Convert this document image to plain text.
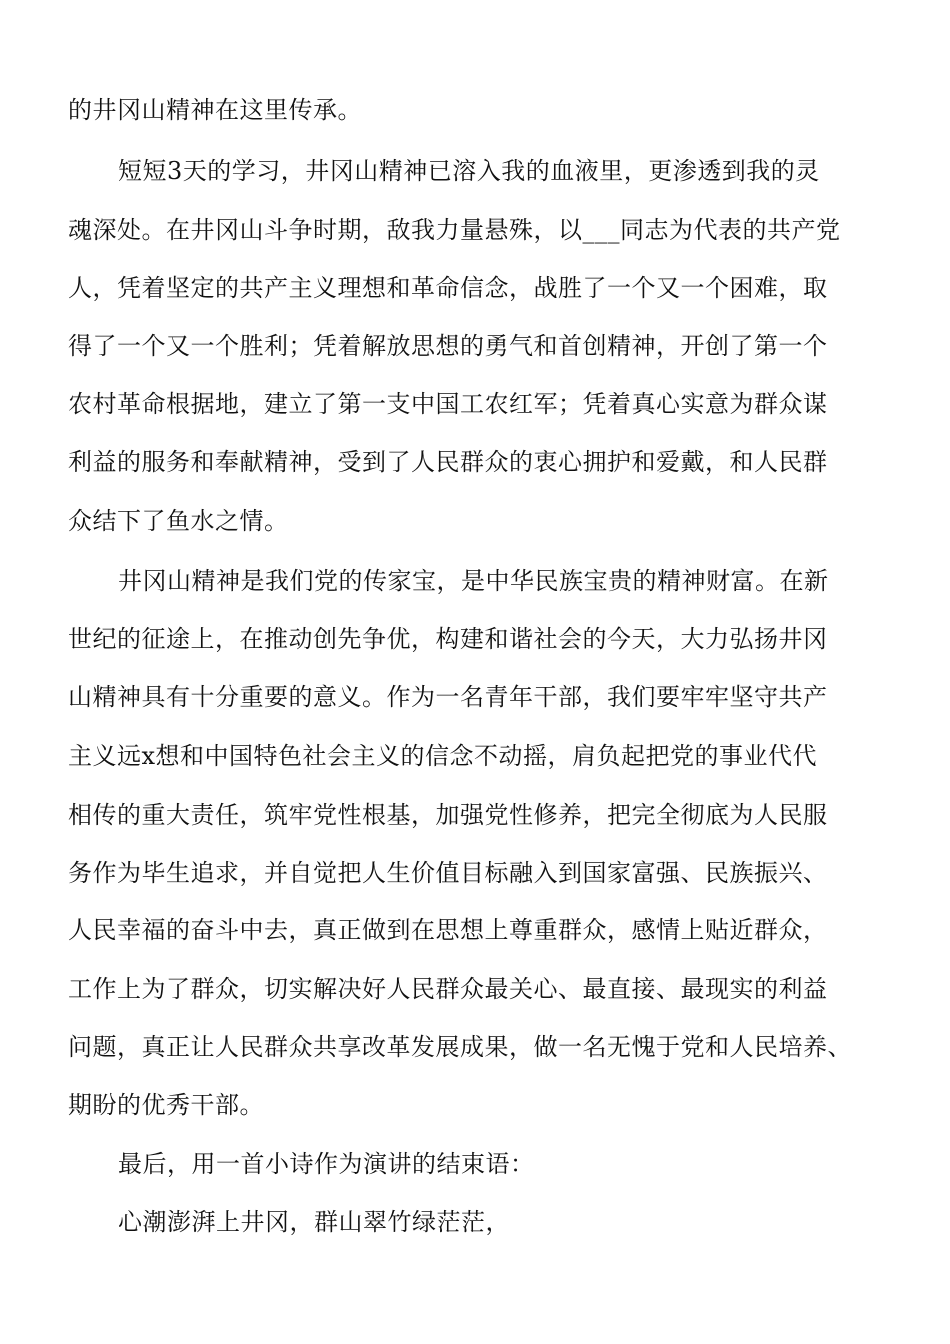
的井冈山精神在这里传承。
短短3天的学习，井冈山精神已溶入我的血液里，更渗透到我的灵
魂深处。在井冈山斗争时期，敌我力量悬殊，以___同志为代表的共产党
人，凭着坚定的共产主义理想和革命信念，战胜了一个又一个困难，取
得了一个又一个胜利；凭着解放思想的勇气和首创精神，开创了第一个
农村革命根据地，建立了第一支中国工农红军；凭着真心实意为群众谋
利益的服务和奉献精神，受到了人民群众的衷心拥护和爱戴，和人民群
众结下了鱼水之情。
井冈山精神是我们党的传家宝，是中华民族宝贵的精神财富。在新
世纪的征途上，在推动创先争优，构建和谐社会的今天，大力弘扬井冈
山精神具有十分重要的意义。作为一名青年干部，我们要牢牢坚守共产
主义远x想和中国特色社会主义的信念不动摇，肩负起把党的事业代代
相传的重大责任，筑牢党性根基，加强党性修养，把完全彻底为人民服
务作为毕生追求，并自觉把人生价值目标融入到国家富强、民族振兴、
人民幸福的奋斗中去，真正做到在思想上尊重群众，感情上贴近群众，
工作上为了群众，切实解决好人民群众最关心、最直接、最现实的利益
问题，真正让人民群众共享改革发展成果，做一名无愧于党和人民培养、
期盼的优秀干部。
最后，用一首小诗作为演讲的结束语：
心潮澎湃上井冈，群山翠竹绿茫茫，
